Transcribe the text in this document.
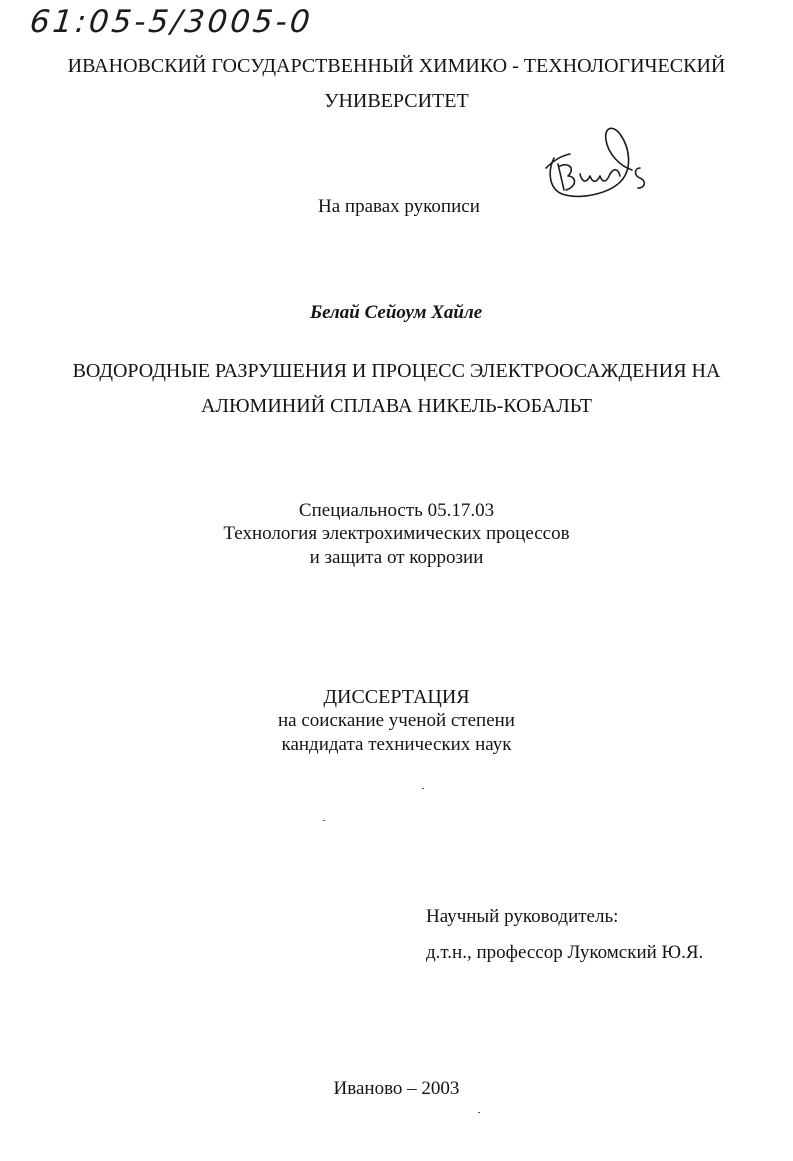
61:05-5/3005-0
ИВАНОВСКИЙ ГОСУДАРСТВЕННЫЙ ХИМИКО - ТЕХНОЛОГИЧЕСКИЙ
УНИВЕРСИТЕТ
На правах рукописи
Белай Сейоум Хайле
ВОДОРОДНЫЕ РАЗРУШЕНИЯ И ПРОЦЕСС ЭЛЕКТРООСАЖДЕНИЯ НА
АЛЮМИНИЙ СПЛАВА НИКЕЛЬ-КОБАЛЬТ
Специальность 05.17.03
Технология электрохимических процессов
и защита от коррозии
ДИССЕРТАЦИЯ
на соискание ученой степени
кандидата технических наук
Научный руководитель:
д.т.н., профессор Лукомский Ю.Я.
Иваново – 2003
